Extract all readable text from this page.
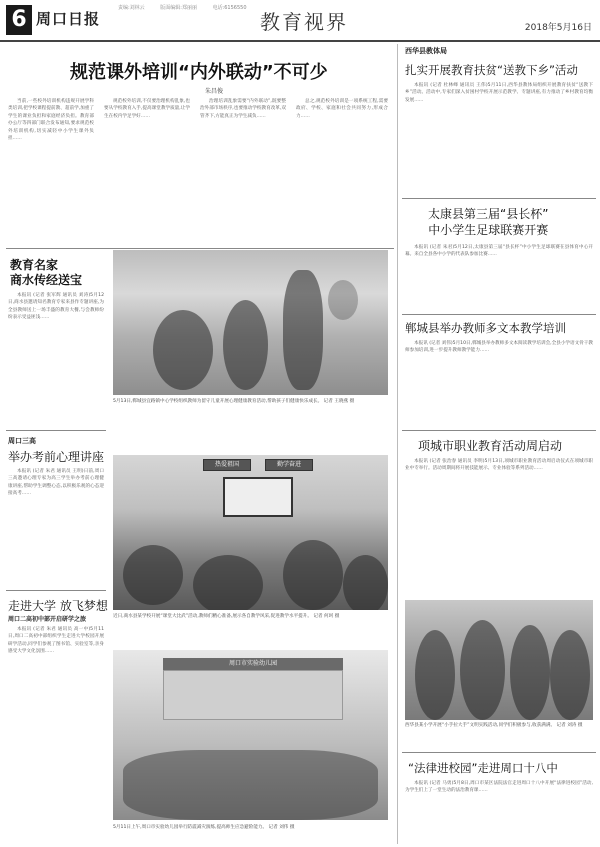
6 周口日报
责编:刘林云	版面编辑:郑丽丽	电话:6156550
教育视界	2018年5月16日
规范课外培训“内外联动”不可少
朱昌俊

当前,一些校外培训机构违规开展学科类培训,把学校课程提前教、超前学,加重了学生的课业负担和家庭经济负担。教育部办公厅等四部门联合发布通知,要求规范校外培训机构,切实减轻中小学生课外负担……

规范校外培训,不仅要治理机构乱象,也要从学校教育入手,提高课堂教学质量,让学生在校内学足学好……

治理培训乱象需要“内外联动”,既要整治外部市场秩序,也要推动学校教育改革,双管齐下,方能真正为学生减负……

总之,规范校外培训是一项系统工程,需要政府、学校、家庭和社会共同努力,形成合力……

教育名家
商水传经送宝

本报讯 (记者 张军辉 通讯员 刘涛)5月12日,商水县邀请知名教育专家来县作专题讲座,为全县教师送上一场丰盛的教育大餐,与会教师纷纷表示受益匪浅……

周口三高
举办考前心理讲座

本报讯 (记者 朱君 通讯员 王明)日前,周口三高邀请心理专家为高三学生举办考前心理健康讲座,帮助学生调整心态,以积极乐观的心态迎接高考……

走进大学 放飞梦想
周口二高初中部开启研学之旅

本报讯 (记者 朱君 通讯员 高一中)5月11日,周口二高初中部组织学生走进大学校园开展研学活动,同学们参观了图书馆、实验室等,亲身感受大学文化氛围……

5月13日,郸城县宜路镇中心学校组织教师为留守儿童开展心理健康教育活动,帮助孩子们健康快乐成长。 记者 王晓燕 摄
热爱祖国	勤学奋进
近日,商水县某学校开展“课堂大比武”活动,教师们精心准备,展示各自教学风采,促进教学水平提升。 记者 何珂 摄
周口市实验幼儿园
5月11日上午,周口市实验幼儿园举行防震减灾演练,提高师生应急避险能力。 记者 刘伟 摄
西华县教体局
扎实开展教育扶贫“送教下乡”活动

本报讯 (记者 杜林峰 通讯员 王伟)5月11日,西华县教体局组织开展教育扶贫“送教下乡”活动。活动中,专家们深入贫困村学校开展示范教学、专题讲座,有力推动了乡村教育均衡发展……

太康县第三届“县长杯”
中小学生足球联赛开赛

本报讯 (记者 朱君)5月12日,太康县第三届“县长杯”中小学生足球联赛在县体育中心开幕。来自全县各中小学的代表队参加比赛……

郸城县举办教师多文本教学培训

本报讯 (记者 刘伟)5月10日,郸城县举办教师多文本阅读教学培训会,全县小学语文骨干教师参加培训,进一步提升教师教学能力……

项城市职业教育活动周启动

本报讯 (记者 张治春 通讯员 李明)5月13日,项城市职业教育活动周启动仪式在项城市职业中专举行。活动周期间将开展技能展示、专业体验等系列活动……

西华县某小学开展“小手拉大手”文明实践活动,同学们积极参与,收获满满。 记者 刘涛 摄
“法律进校园”走进周口十八中

本报讯 (记者 马勇)5月8日,周口市某区法院法官走进周口十八中开展“法律进校园”活动,为学生们上了一堂生动的法治教育课……
